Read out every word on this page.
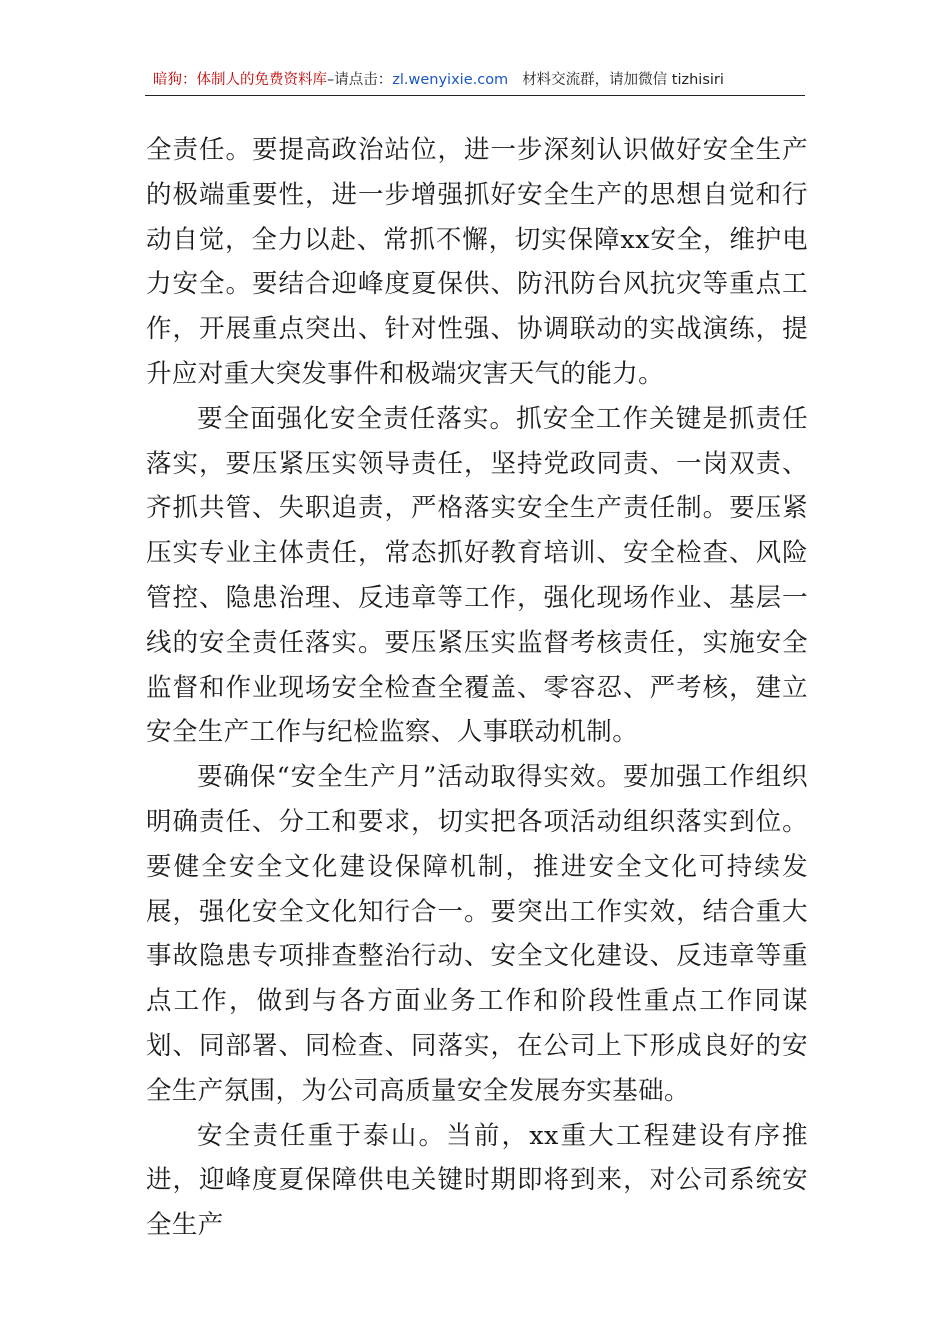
暗狗：体制人的免费资料库–请点击：zl.wenyixie.com 材料交流群，请加微信 tizhisiri

全责任。要提高政治站位，进一步深刻认识做好安全生产的极端重要性，进一步增强抓好安全生产的思想自觉和行动自觉，全力以赴、常抓不懈，切实保障xx安全，维护电力安全。要结合迎峰度夏保供、防汛防台风抗灾等重点工作，开展重点突出、针对性强、协调联动的实战演练，提升应对重大突发事件和极端灾害天气的能力。

要全面强化安全责任落实。抓安全工作关键是抓责任落实，要压紧压实领导责任，坚持党政同责、一岗双责、齐抓共管、失职追责，严格落实安全生产责任制。要压紧压实专业主体责任，常态抓好教育培训、安全检查、风险管控、隐患治理、反违章等工作，强化现场作业、基层一线的安全责任落实。要压紧压实监督考核责任，实施安全监督和作业现场安全检查全覆盖、零容忍、严考核，建立安全生产工作与纪检监察、人事联动机制。

要确保“安全生产月”活动取得实效。要加强工作组织明确责任、分工和要求，切实把各项活动组织落实到位。要健全安全文化建设保障机制，推进安全文化可持续发展，强化安全文化知行合一。要突出工作实效，结合重大事故隐患专项排查整治行动、安全文化建设、反违章等重点工作，做到与各方面业务工作和阶段性重点工作同谋划、同部署、同检查、同落实，在公司上下形成良好的安全生产氛围，为公司高质量安全发展夯实基础。

安全责任重于泰山。当前，xx重大工程建设有序推进，迎峰度夏保障供电关键时期即将到来，对公司系统安全生产
